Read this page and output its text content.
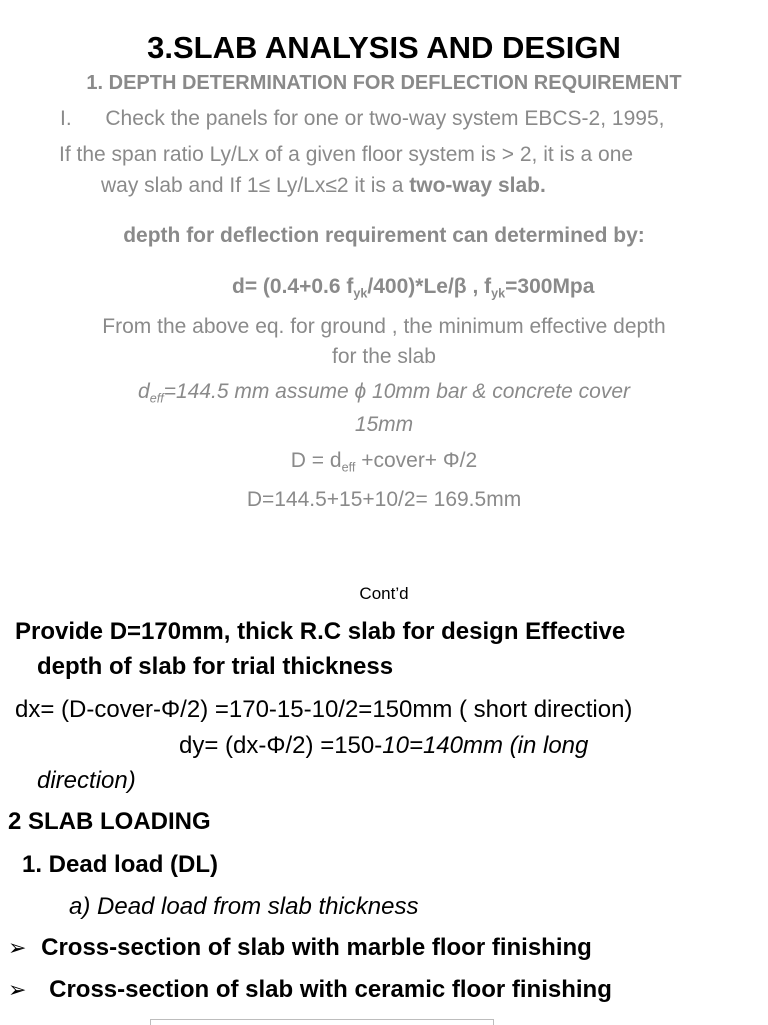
3.SLAB ANALYSIS AND DESIGN
1. DEPTH DETERMINATION FOR DEFLECTION REQUIREMENT
I. Check the panels for one or two-way system EBCS-2, 1995,
If the span ratio Ly/Lx of a given floor system is > 2, it is a one
way slab and If 1≤ Ly/Lx≤2 it is a two-way slab.
depth for deflection requirement can determined by:
d= (0.4+0.6 $f_{yk}/400)*Le/\beta$ , $f_{yk}=300Mpa$
From the above eq. for ground , the minimum effective depth
for the slab
$d_{eff}=144.5$ mm assume ϕ 10mm bar & concrete cover
15mm
$D = d_{eff}$ +cover+ Φ/2
D=144.5+15+10/2= 169.5mm
Cont’d
Provide D=170mm, thick R.C slab for design Effective
depth of slab for trial thickness
dx= (D-cover-Φ/2) =170-15-10/2=150mm ( short direction)
dy= (dx-Φ/2) =150-10=140mm (in long
direction)
2 SLAB LOADING
1. Dead load (DL)
a) Dead load from slab thickness
➢ Cross-section of slab with marble floor finishing
➢ Cross-section of slab with ceramic floor finishing
